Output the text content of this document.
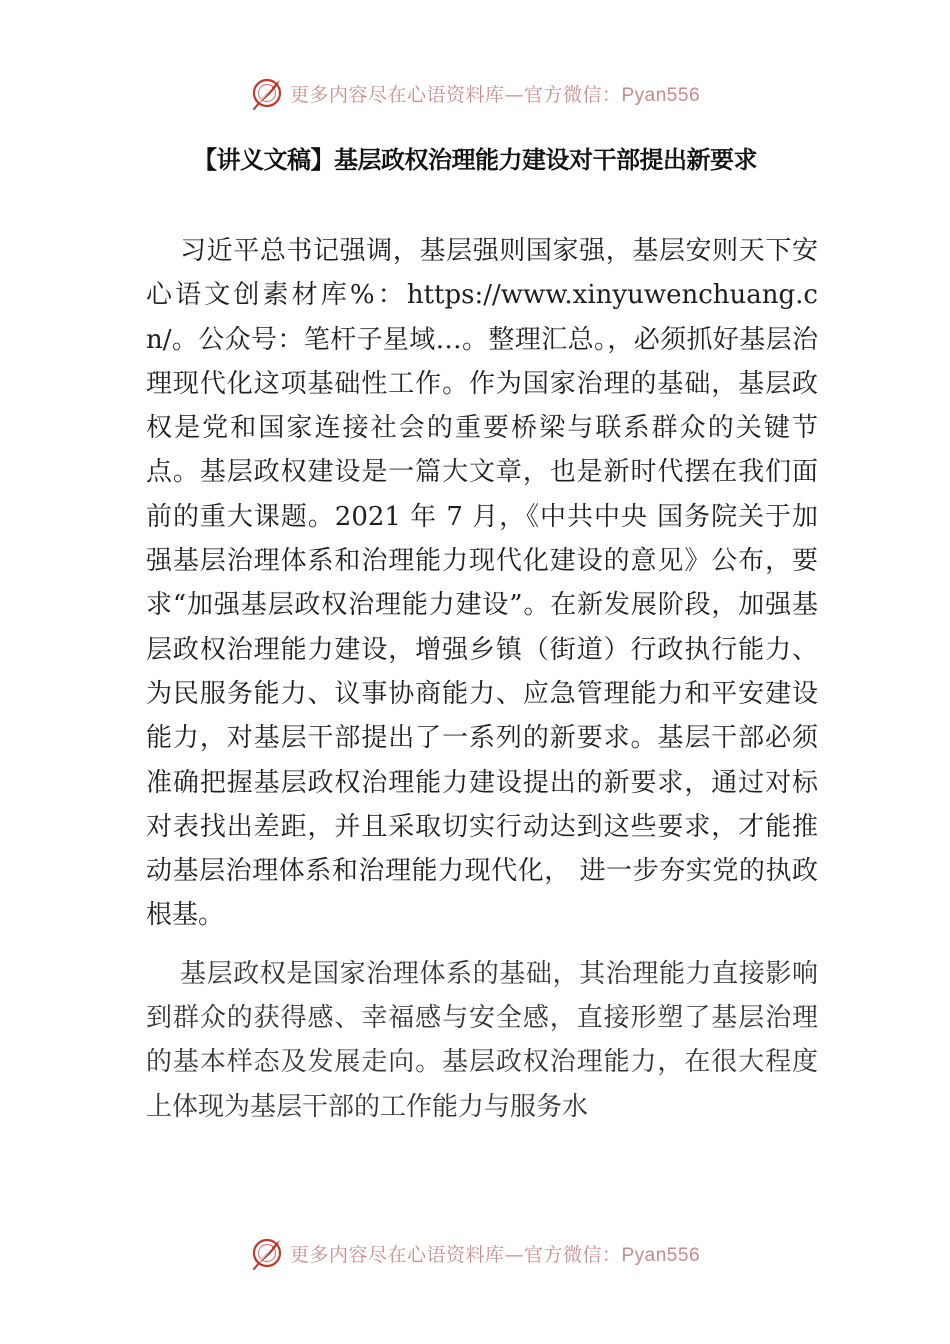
更多内容尽在心语资料库—官方微信：Pyan556
【讲义文稿】基层政权治理能力建设对干部提出新要求

习近平总书记强调，基层强则国家强，基层安则天下安心语文创素材库%：https://www.xinyuwenchuang.cn/。公众号：笔杆子星域…。整理汇总。，必须抓好基层治理现代化这项基础性工作。作为国家治理的基础，基层政权是党和国家连接社会的重要桥梁与联系群众的关键节点。基层政权建设是一篇大文章，也是新时代摆在我们面前的重大课题。2021 年 7 月，《中共中央 国务院关于加强基层治理体系和治理能力现代化建设的意见》公布，要求“加强基层政权治理能力建设”。在新发展阶段，加强基层政权治理能力建设，增强乡镇（街道）行政执行能力、为民服务能力、议事协商能力、应急管理能力和平安建设能力，对基层干部提出了一系列的新要求。基层干部必须准确把握基层政权治理能力建设提出的新要求，通过对标对表找出差距，并且采取切实行动达到这些要求，才能推动基层治理体系和治理能力现代化， 进一步夯实党的执政根基。

基层政权是国家治理体系的基础，其治理能力直接影响到群众的获得感、幸福感与安全感，直接形塑了基层治理的基本样态及发展走向。基层政权治理能力，在很大程度上体现为基层干部的工作能力与服务水

更多内容尽在心语资料库—官方微信：Pyan556
